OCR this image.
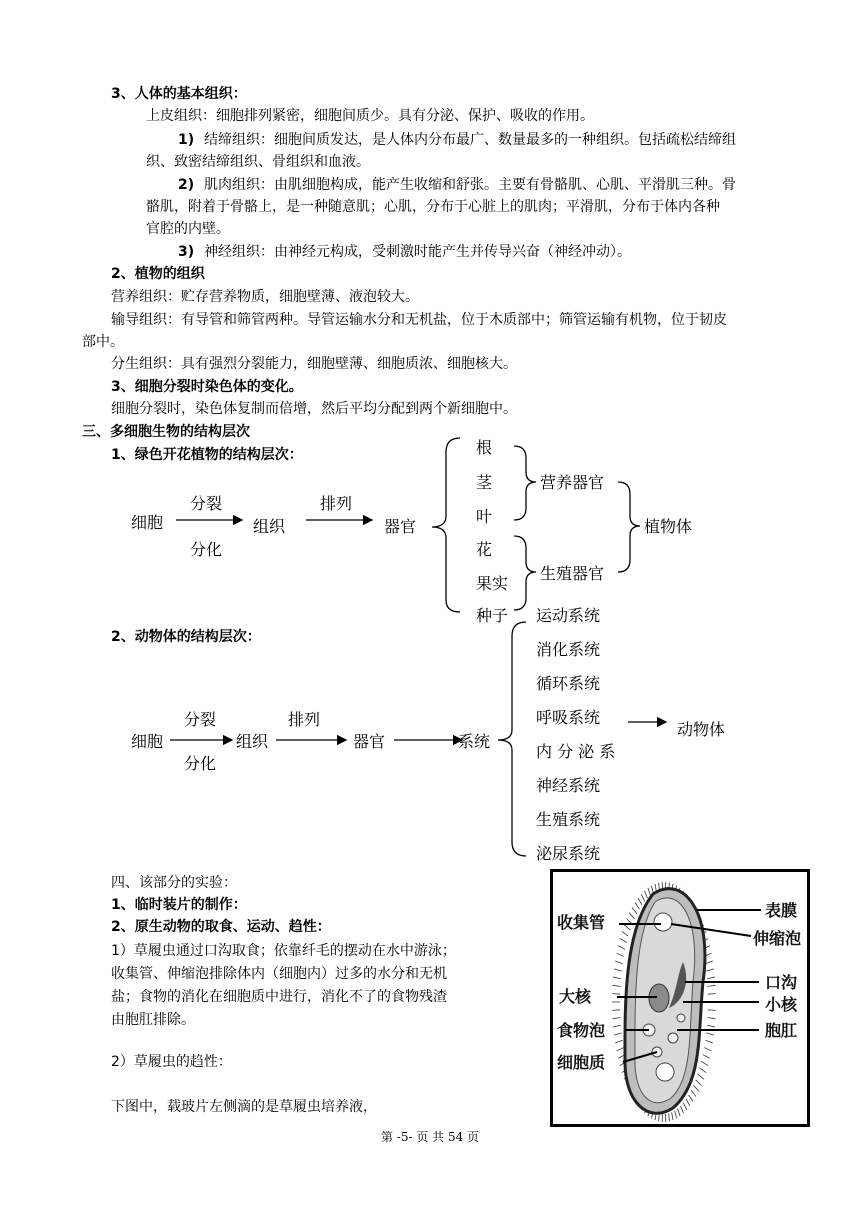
3、人体的基本组织：
上皮组织：细胞排列紧密，细胞间质少。具有分泌、保护、吸收的作用。
1) 结缔组织：细胞间质发达，是人体内分布最广、数量最多的一种组织。包括疏松结缔组
织、致密结缔组织、骨组织和血液。
2) 肌肉组织：由肌细胞构成，能产生收缩和舒张。主要有骨骼肌、心肌、平滑肌三种。骨
骼肌，附着于骨骼上，是一种随意肌；心肌，分布于心脏上的肌肉；平滑肌，分布于体内各种
官腔的内壁。
3) 神经组织：由神经元构成，受刺激时能产生并传导兴奋（神经冲动）。
2、植物的组织
营养组织：贮存营养物质，细胞壁薄、液泡较大。
输导组织：有导管和筛管两种。导管运输水分和无机盐，位于木质部中；筛管运输有机物，位于韧皮
部中。
分生组织：具有强烈分裂能力，细胞壁薄、细胞质浓、细胞核大。
3、细胞分裂时染色体的变化。
细胞分裂时，染色体复制而倍增，然后平均分配到两个新细胞中。
三、多细胞生物的结构层次
1、绿色开花植物的结构层次：
细胞
分裂
分化
组织
排列
器官
根
茎
叶
花
果实
种子
营养器官
生殖器官
植物体
2、动物体的结构层次：
细胞
分裂
分化
组织
排列
器官	系统
运动系统
消化系统
循环系统
呼吸系统
内 分 泌 系
神经系统
生殖系统
泌尿系统
动物体
四、该部分的实验：
1、临时装片的制作：
2、原生动物的取食、运动、趋性：
1）草履虫通过口沟取食；依靠纤毛的摆动在水中游泳；
收集管、伸缩泡排除体内（细胞内）过多的水分和无机
盐；食物的消化在细胞质中进行，消化不了的食物残渣
由胞肛排除。
2）草履虫的趋性：
下图中，载玻片左侧滴的是草履虫培养液，
收集管
大核
食物泡
细胞质
表膜
伸缩泡
口沟
小核
胞肛
第 -5- 页 共 54 页
